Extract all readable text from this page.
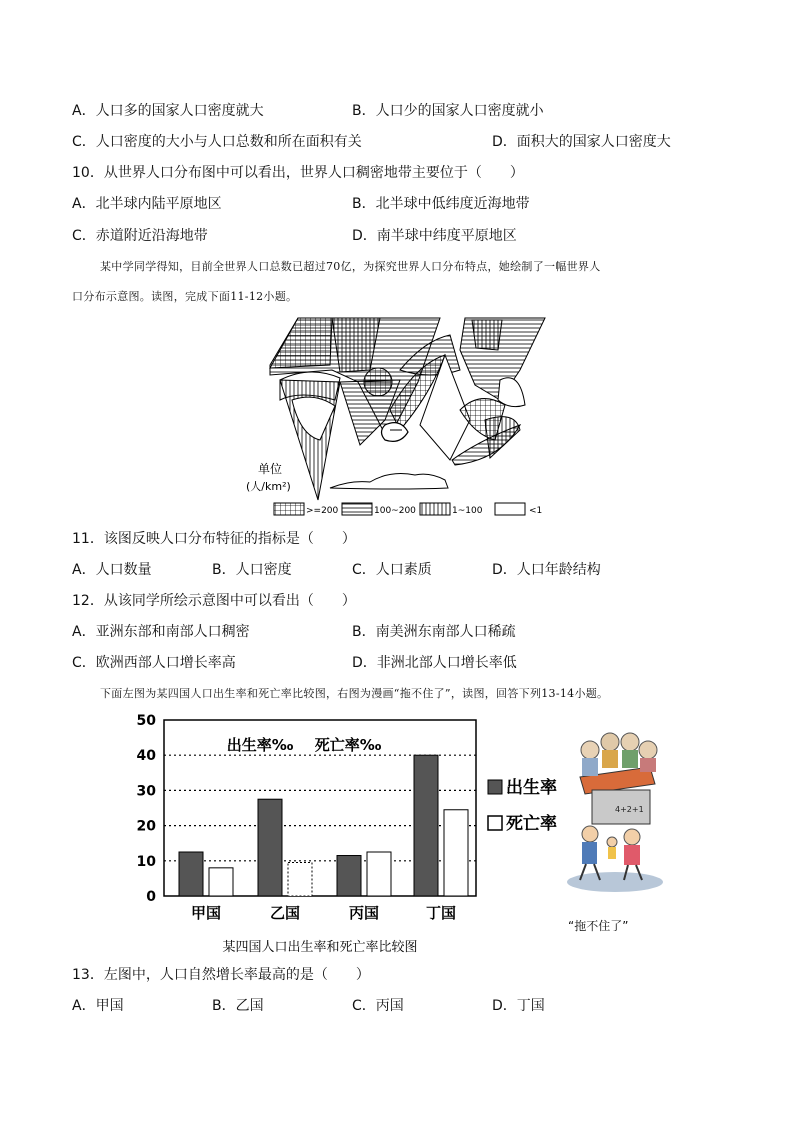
A．人口多的国家人口密度就大	B．人口少的国家人口密度就小
C．人口密度的大小与人口总数和所在面积有关	D．面积大的国家人口密度大
10．从世界人口分布图中可以看出，世界人口稠密地带主要位于（　　）
A．北半球内陆平原地区	B．北半球中低纬度近海地带
C．赤道附近沿海地带	D．南半球中纬度平原地区
某中学同学得知，目前全世界人口总数已超过70亿，为探究世界人口分布特点，她绘制了一幅世界人
口分布示意图。读图，完成下面11-12小题。
单位
(人/km²)
>=200	100~200	1~100	<1
11．该图反映人口分布特征的指标是（　　）
A．人口数量	B．人口密度	C．人口素质	D．人口年龄结构
12．从该同学所绘示意图中可以看出（　　）
A．亚洲东部和南部人口稠密	B．南美洲东南部人口稀疏
C．欧洲西部人口增长率高	D．非洲北部人口增长率低
下面左图为某四国人口出生率和死亡率比较图，右图为漫画“拖不住了”，读图，回答下列13-14小题。
0
10
20
30
40
50
出生率‰ 死亡率‰
甲国	乙国	丙国	丁国
出生率
死亡率
某四国人口出生率和死亡率比较图
4+2+1
“拖不住了”
13．左图中，人口自然增长率最高的是（　　）
A．甲国	B．乙国	C．丙国	D．丁国
